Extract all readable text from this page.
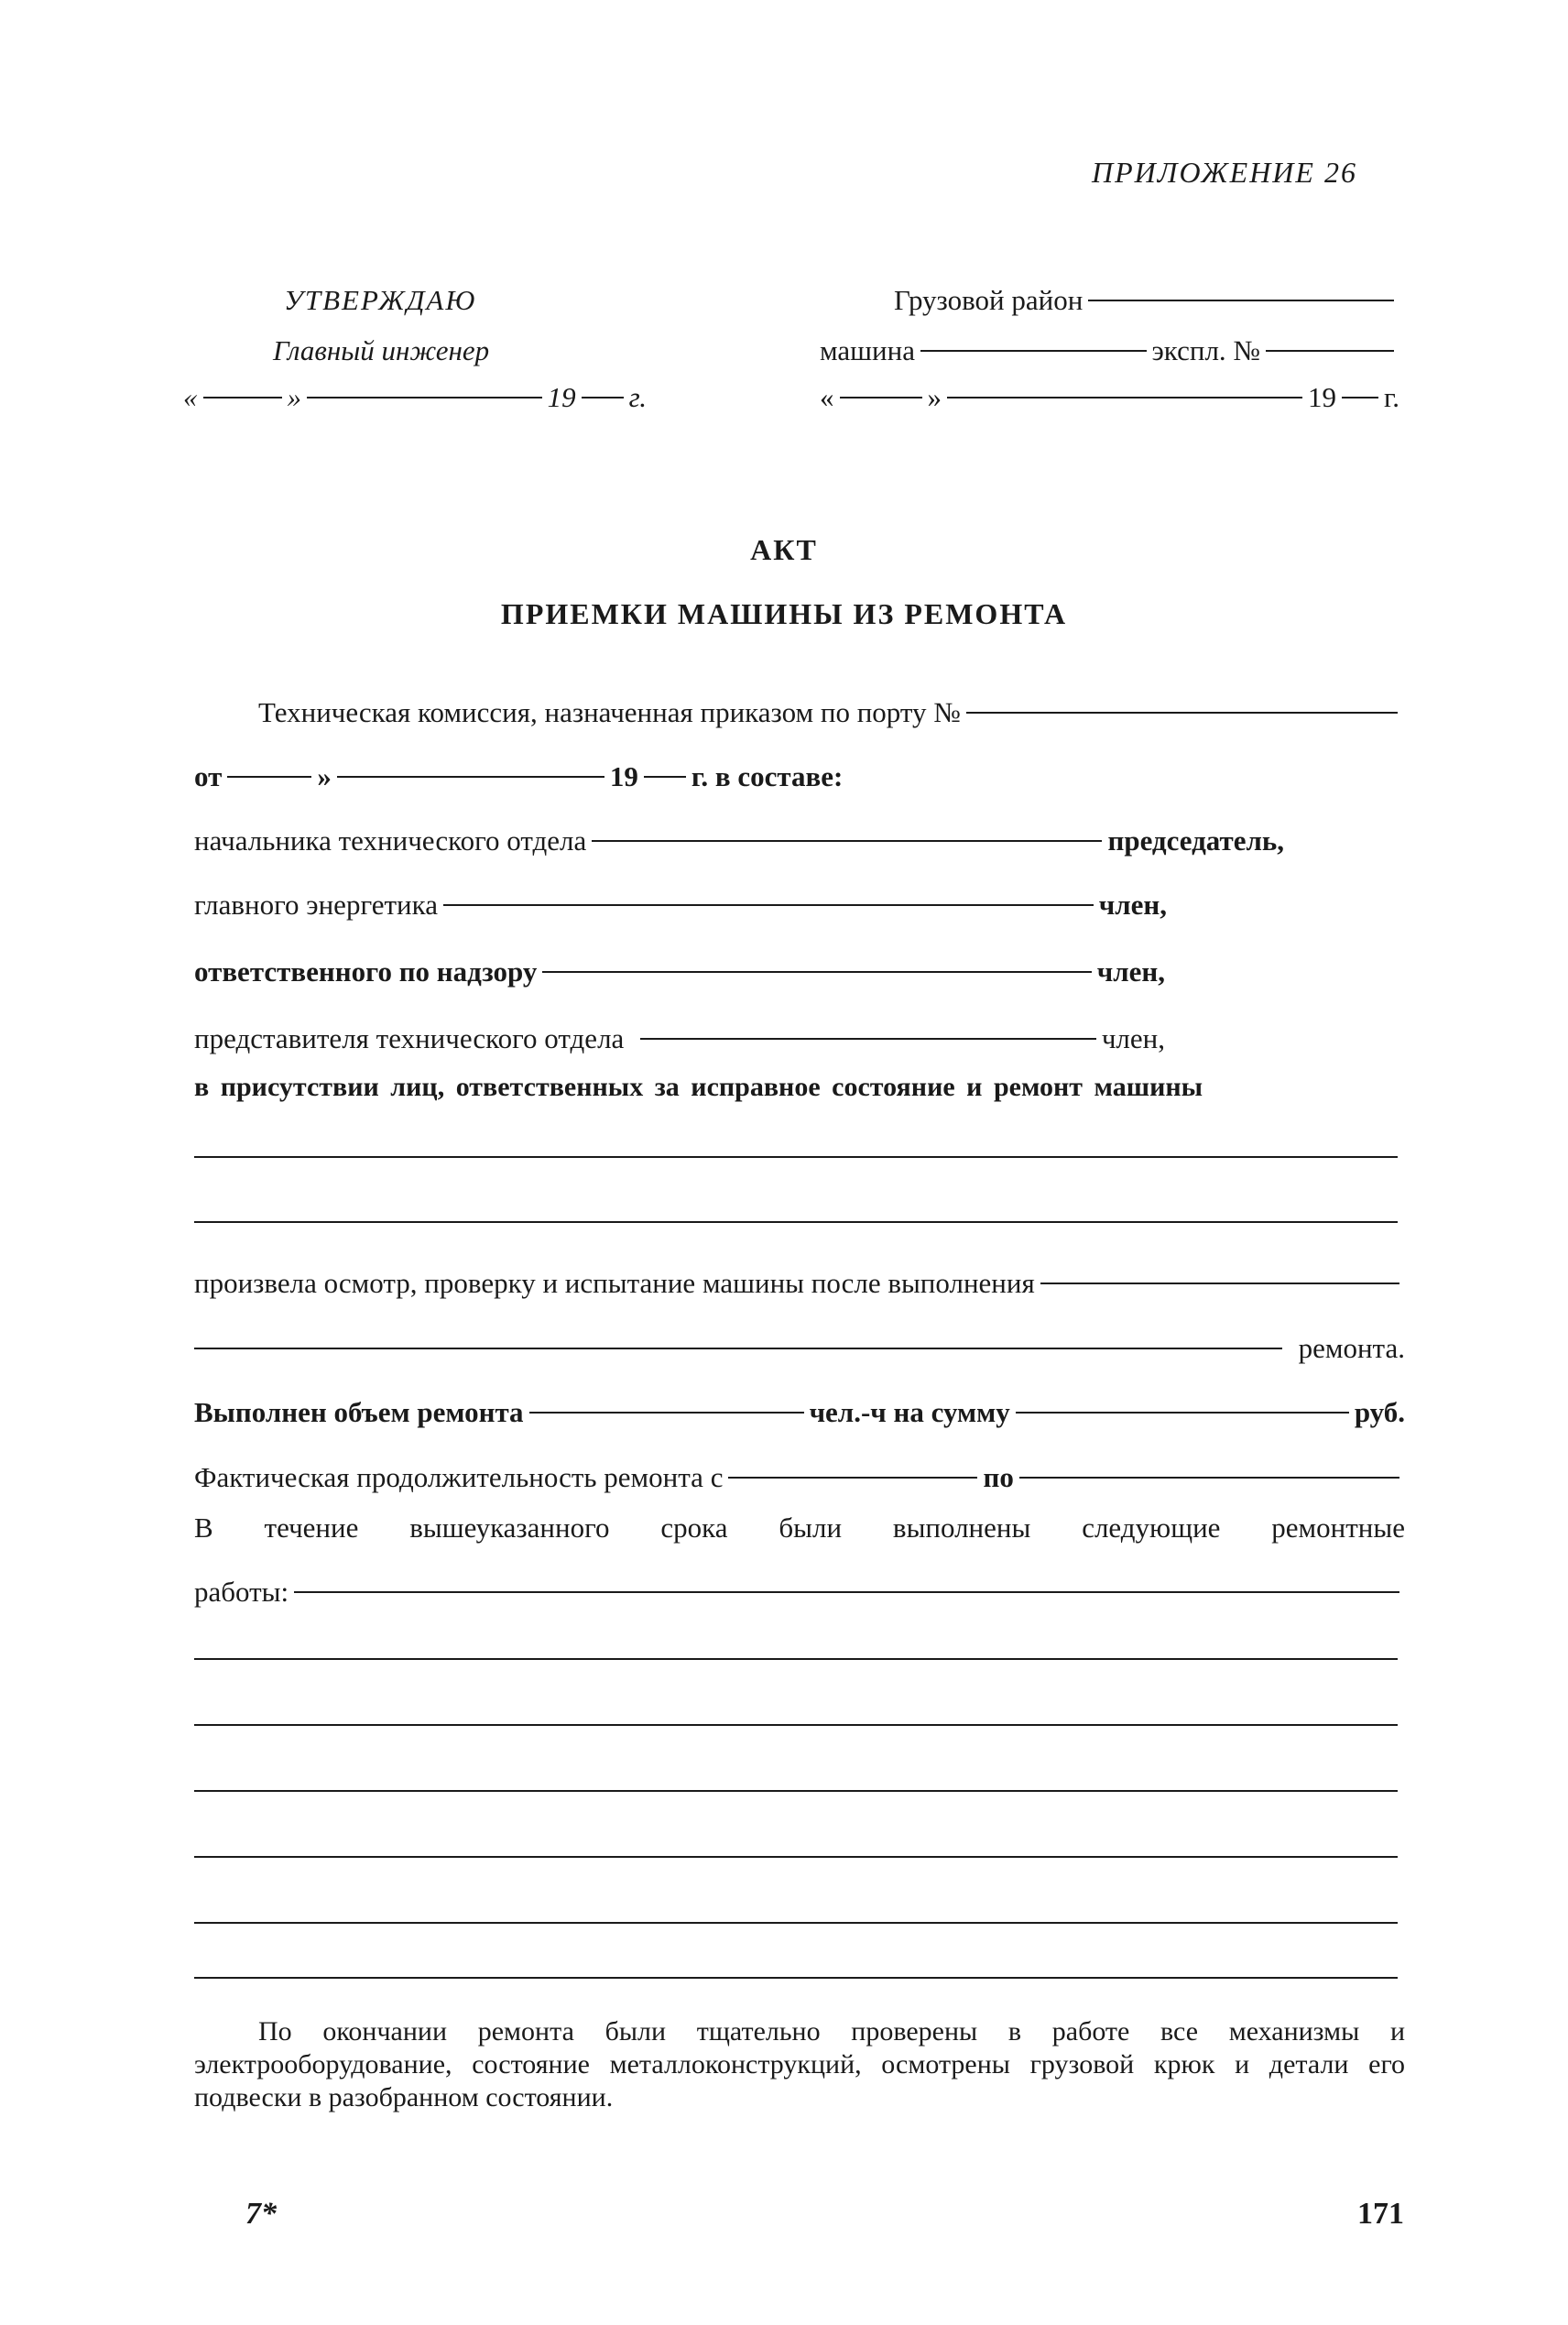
ПРИЛОЖЕНИЕ 26
УТВЕРЖДАЮ
Главный инженер
«	»	19 г.
Грузовой район
машина	экспл. №
«	»	19 г.
АКТ
ПРИЕМКИ МАШИНЫ ИЗ РЕМОНТА
Техническая комиссия, назначенная приказом по порту №
от	»	19 г. в составе:
начальника технического отдела	председатель,
главного энергетика	член,
ответственного по надзору	член,
представителя технического отдела	член,
в присутствии лиц, ответственных за исправное состояние и ремонт машины
произвела осмотр, проверку и испытание машины после выполнения
ремонта.
Выполнен объем ремонта	чел.-ч на сумму	руб.
Фактическая продолжительность ремонта с	по
В течение вышеуказанного срока были выполнены следующие ремонтные
работы:
По окончании ремонта были тщательно проверены в работе все механизмы и электрооборудование, состояние металлоконструкций, осмотрены грузовой крюк и детали его подвески в разобранном состоянии.
7*	171
